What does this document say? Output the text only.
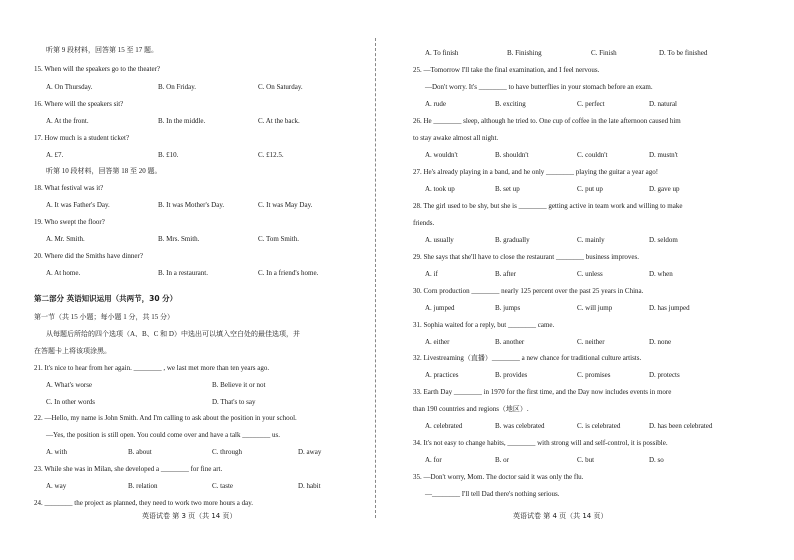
听第 9 段材料，回答第 15 至 17 题。
15. When will the speakers go to the theater?
A. On Thursday.	B. On Friday.	C. On Saturday.
16. Where will the speakers sit?
A. At the front.	B. In the middle.	C. At the back.
17. How much is a student ticket?
A. £7.	B. £10.	C. £12.5.
听第 10 段材料，回答第 18 至 20 题。
18. What festival was it?
A. It was Father's Day.	B. It was Mother's Day.	C. It was May Day.
19. Who swept the floor?
A. Mr. Smith.	B. Mrs. Smith.	C. Tom Smith.
20. Where did the Smiths have dinner?
A. At home.	B. In a restaurant.	C. In a friend's home.
第二部分 英语知识运用（共两节，30 分）
第一节（共 15 小题；每小题 1 分，共 15 分）
从每题后所给的四个选项（A、B、C 和 D）中选出可以填入空白处的最佳选项，并
在答题卡上将该项涂黑。
21. It's nice to hear from her again. ________ , we last met more than ten years ago.
A. What's worse	B. Believe it or not
C. In other words	D. That's to say
22. —Hello, my name is John Smith. And I'm calling to ask about the position in your school.
—Yes, the position is still open. You could come over and have a talk ________ us.
A. with	B. about	C. through	D. away
23. While she was in Milan, she developed a ________ for fine art.
A. way	B. relation	C. taste	D. habit
24. ________ the project as planned, they need to work two more hours a day.
英语试卷 第 3 页（共 14 页）
A. To finish	B. Finishing	C. Finish	D. To be finished
25. —Tomorrow I'll take the final examination, and I feel nervous.
—Don't worry. It's ________ to have butterflies in your stomach before an exam.
A. rude	B. exciting	C. perfect	D. natural
26. He ________ sleep, although he tried to. One cup of coffee in the late afternoon caused him
to stay awake almost all night.
A. wouldn't	B. shouldn't	C. couldn't	D. mustn't
27. He's already playing in a band, and he only ________ playing the guitar a year ago!
A. took up	B. set up	C. put up	D. gave up
28. The girl used to be shy, but she is ________ getting active in team work and willing to make
friends.
A. usually	B. gradually	C. mainly	D. seldom
29. She says that she'll have to close the restaurant ________ business improves.
A. if	B. after	C. unless	D. when
30. Corn production ________ nearly 125 percent over the past 25 years in China.
A. jumped	B. jumps	C. will jump	D. has jumped
31. Sophia waited for a reply, but ________ came.
A. either	B. another	C. neither	D. none
32. Livestreaming（直播）________ a new chance for traditional culture artists.
A. practices	B. provides	C. promises	D. protects
33. Earth Day ________ in 1970 for the first time, and the Day now includes events in more
than 190 countries and regions（地区）.
A. celebrated	B. was celebrated	C. is celebrated	D. has been celebrated
34. It's not easy to change habits, ________ with strong will and self-control, it is possible.
A. for	B. or	C. but	D. so
35. —Don't worry, Mom. The doctor said it was only the flu.
—________ I'll tell Dad there's nothing serious.
英语试卷 第 4 页（共 14 页）
